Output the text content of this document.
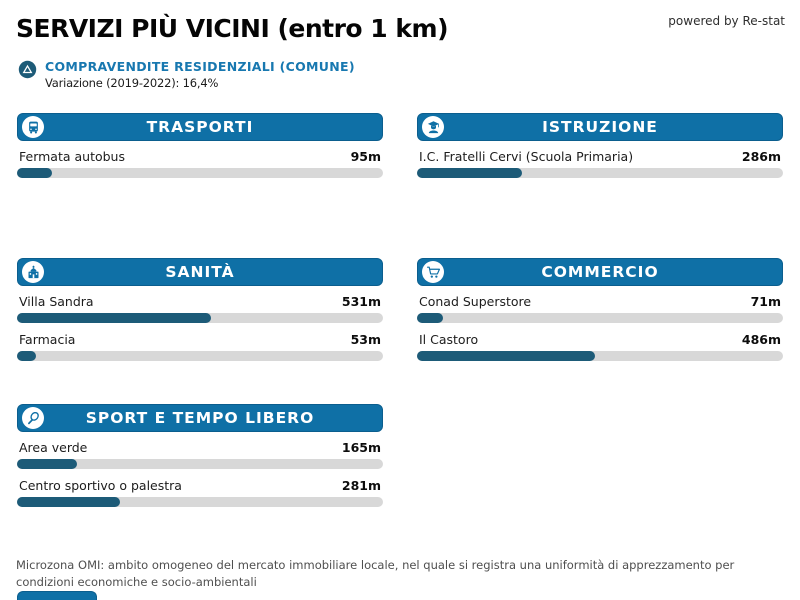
SERVIZI PIÙ VICINI (entro 1 km)	powered by Re-stat
COMPRAVENDITE RESIDENZIALI (COMUNE)
Variazione (2019-2022): 16,4%
TRASPORTI
Fermata autobus	95m
ISTRUZIONE
I.C. Fratelli Cervi (Scuola Primaria)	286m
SANITÀ
Villa Sandra	531m
Farmacia	53m
COMMERCIO
Conad Superstore	71m
Il Castoro	486m
SPORT E TEMPO LIBERO
Area verde	165m
Centro sportivo o palestra	281m
Microzona OMI: ambito omogeneo del mercato immobiliare locale, nel quale si registra una uniformità di apprezzamento per condizioni economiche e socio-ambientali
